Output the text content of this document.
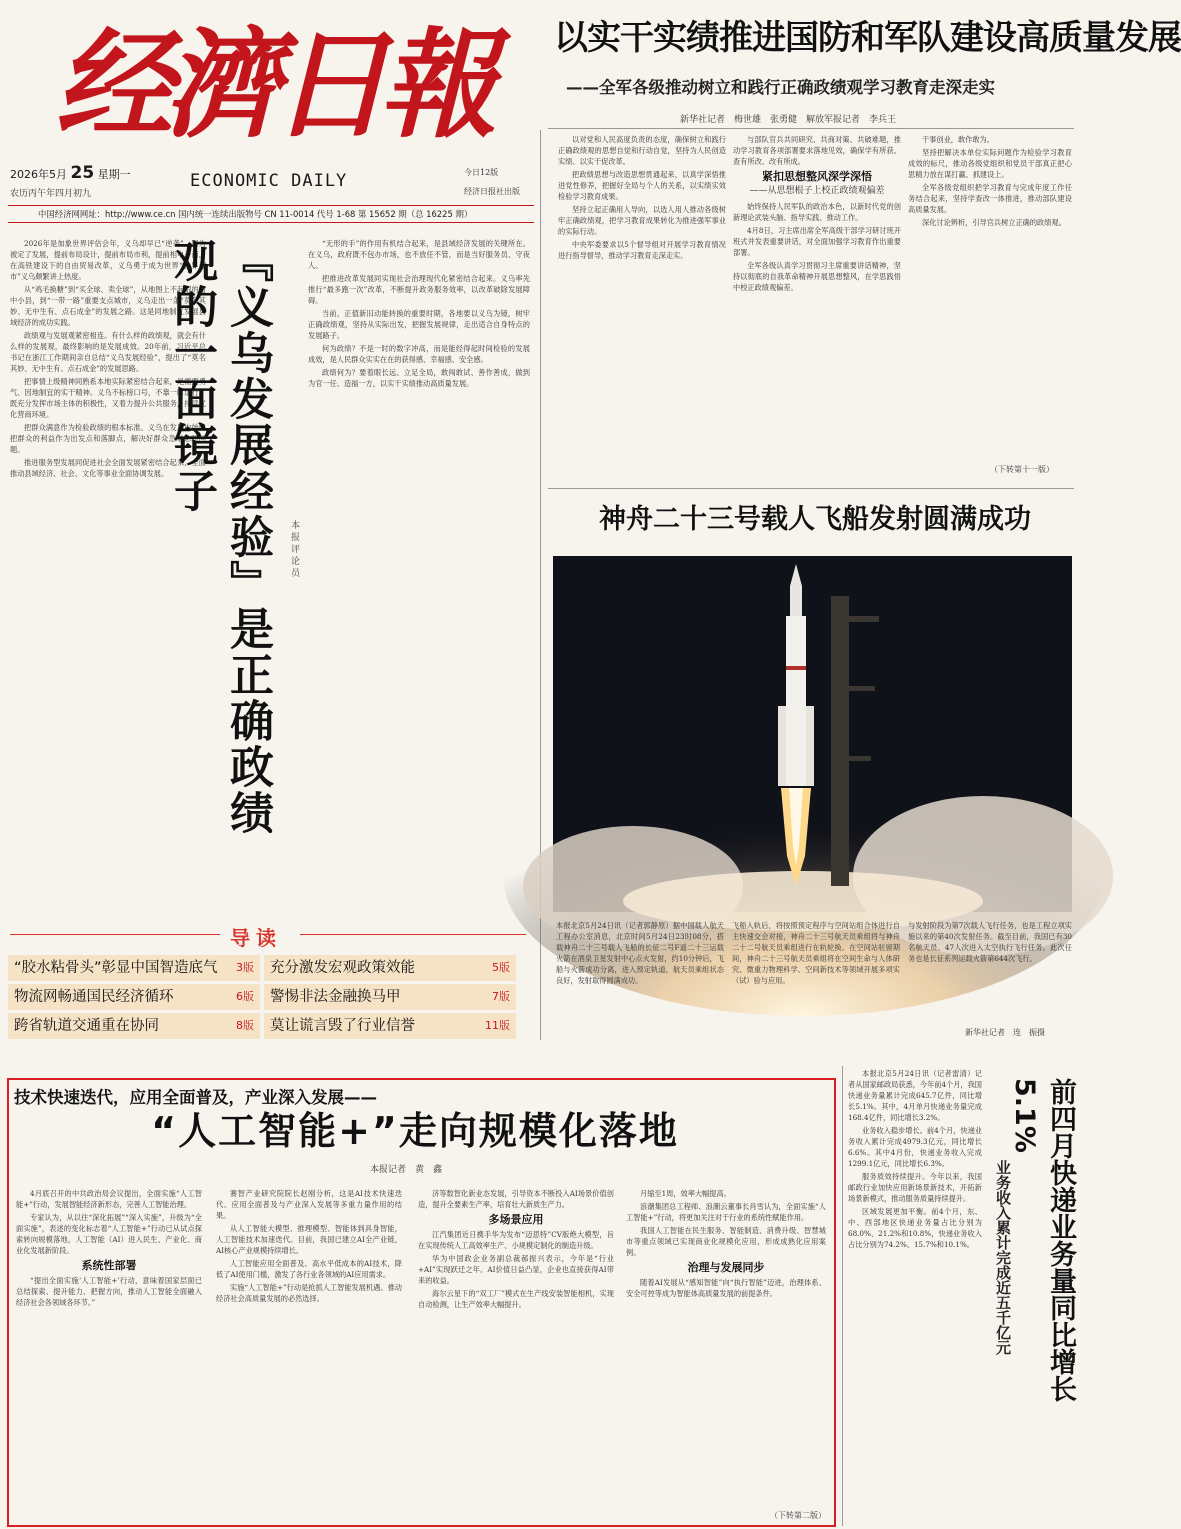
经濟日報
2026年5月 25 星期一
农历丙午年四月初九
ECONOMIC DAILY	今日12版
经济日报社出版
中国经济网网址：http://www.ce.cn 国内统一连续出版物号 CN 11-0014 代号 1-68 第 15652 期（总 16225 期）
以实干实绩推进国防和军队建设高质量发展
——全军各级推动树立和践行正确政绩观学习教育走深走实
新华社记者　梅世雄　张勇健　解放军报记者　李兵王

以对党和人民高度负责的态度，确保树立和践行正确政绩观的思想自觉和行动自觉，坚持为人民创造实绩、以实干促改革。

把政绩思想与改造思想贯通起来，以真学深悟推进党性修养，把握好全局与个人的关系，以实绩实效检验学习教育成果。

坚持立起正确用人导向，以选人用人推动各级树牢正确政绩观，把学习教育成果转化为推进强军事业的实际行动。

中央军委要求以5个督导组对开展学习教育情况进行指导督导，推动学习教育走深走实。

与部队官兵共同研究、共商对策、共破难题，推动学习教育各项部署要求落地见效，确保学有所获、查有所改、改有所成。

紧扣思想整风深学深悟
——从思想根子上校正政绩观偏差

始终保持人民军队的政治本色，以新时代党的创新理论武装头脑、指导实践、推动工作。

4月8日，习主席出席全军高级干部学习研讨班开班式并发表重要讲话，对全面加强学习教育作出重要部署。

全军各级认真学习贯彻习主席重要讲话精神，坚持以彻底的自我革命精神开展思想整风，在学思践悟中校正政绩观偏差。

干事创业，敢作敢为。

坚持把解决本单位实际问题作为检验学习教育成效的标尺，推动各级党组织和党员干部真正把心思精力放在谋打赢、抓建设上。

全军各级党组织把学习教育与完成年度工作任务结合起来，坚持学查改一体推进，推动部队建设高质量发展。

深化讨论辨析，引导官兵树立正确的政绩观。

（下转第十一版）

2026年是加象世界评估会年，义乌却早已“逆袭”。因为被定了发展，提前布局设计，提前布局市利，提前相电子商，在高铁建设下的自由贸易改革，义乌勇于成为世界“世界超市”义乌颇繁讲上热度。

从“鸡毛换糖”到“买全球、卖全球”，从地图上不起眼的南中小县，到“一带一路”重要支点城市，义乌走出一条“莫名其妙、无中生有、点石成金”的发展之路。这是同地制宜发展县域经济的成功实践。

政绩观与发展观紧密相连。有什么样的政绩观，就会有什么样的发展观，最终影响的是发展成效。20年前，习近平总书记在浙江工作期间亲自总结“义乌发展经验”，提出了“莫名其妙、无中生有、点石成金”的发展思路。

把事情上级精神同熟系本地实际紧密结合起来，是需要勇气、因地制宜的实干精神。义乌不标榜口号，不靠一时运行，既充分发挥市场主体的积极性，又着力提升公共服务，持续优化营商环境。

把群众满意作为检验政绩的根本标准。义乌在发展中始终把群众的利益作为出发点和落脚点，解决好群众急难愁盼问题。

推进服务型发展同促进社会全面发展紧密结合起来，全面推动县域经济、社会、文化等事业全面协调发展。	『义乌发展经验』是正确政绩观的一面镜子
本报评论员

“无形的手”的作用有机结合起来，是县域经济发展的关键所在。在义乌，政府既不包办市场，也不放任不管，而是当好服务员、守夜人。

把推进改革发展同实现社会治理现代化紧密结合起来。义乌率先推行“最多跑一次”改革，不断提升政务服务效率，以改革破除发展障碍。

当前，正值新旧动能转换的重要时期，各地要以义乌为镜，树牢正确政绩观，坚持从实际出发，把握发展规律，走出适合自身特点的发展路子。

何为政绩？不是一时的数字冲高，而是能经得起时间检验的发展成效，是人民群众实实在在的获得感、幸福感、安全感。

政绩何为？要着眼长远、立足全局，敢闯敢试、善作善成，做到为官一任、造福一方，以实干实绩推动高质量发展。

导读
“胶水粘骨头”彰显中国智造底气 3版	充分激发宏观政策效能	5版
物流网畅通国民经济循环	6版	警惕非法金融换马甲	7版
跨省轨道交通重在协同	8版	莫让谎言毁了行业信誉	11版
神舟二十三号载人飞船发射圆满成功
本报北京5月24日讯（记者郭静原）据中国载人航天工程办公室消息，北京时间5月24日23时08分，搭载神舟二十三号载人飞船的长征二号F遥二十三运载火箭在酒泉卫星发射中心点火发射，约10分钟后，飞船与火箭成功分离，进入预定轨道，航天员乘组状态良好，发射取得圆满成功。
飞船入轨后，将按照预定程序与空间站组合体进行自主快速交会对接，神舟二十三号航天员乘组将与神舟二十二号航天员乘组进行在轨轮换。在空间站驻留期间，神舟二十三号航天员乘组将在空间生命与人体研究、微重力物理科学、空间新技术等领域开展多项实（试）验与应用。
与发射阶段为第7次载人飞行任务，也是工程立项实施以来的第40次发射任务。截至目前，我国已有30名航天员、47人次进入太空执行飞行任务。此次任务也是长征系列运载火箭第644次飞行。
新华社记者　连　振摄
技术快速迭代，应用全面普及，产业深入发展——
“人工智能+”走向规模化落地
本报记者　黄　鑫

4月底召开的中共政治局会议提出，全面实施“人工智能+”行动，发展智能经济新形态，完善人工智能治理。

专家认为，从以往“深化拓展”“深入实施”，升级为“全面实施”，表述的变化标志着“人工智能+”行动已从试点探索转向规模落地，人工智能（AI）进入民生、产业化、商业化发展新阶段。

系统性部署

“提出全面实施‘人工智能+’行动，意味着国家层面已总结探索、提升能力、把握方向，推动人工智能全面融入经济社会各领域各环节。”

赛智产业研究院院长赵刚分析，这是AI技术快速迭代、应用全面普及与产业深入发展等多重力量作用的结果。

从人工智能大模型、推理模型、智能体到具身智能，人工智能技术加速迭代。目前，我国已建立AI全产业链，AI核心产业规模持续增长。

人工智能应用全面普及。高水平低成本的AI技术，降低了AI使用门槛，激发了各行业各领域的AI应用需求。

实施“人工智能+”行动是抢抓人工智能发展机遇、推动经济社会高质量发展的必然选择。

济等数智化新业态发展，引导资本不断投入AI场景价值创造，提升全要素生产率，培育壮大新质生产力。

多场景应用

江汽集团近日携手华为发布“迈思特”CV版绝大模型，旨在实现传统人工高效率生产、小规模定制化的制造升级。

华为中国政企业务副总裁郝振兴表示，今年是“行业+AI”实现跃迁之年。AI价值日益凸显，企业也直接获得AI带来的收益。

海尔云星下的“双工厂”模式在生产线安装智能相机，实现自动检测，让生产效率大幅提升。

月缩至1周，效率大幅提高。

浪潮集团总工程师、浪潮云董事长肖雪认为，全面实施“人工智能+”行动，将更加关注对于行业的系统性赋能作用。

我国人工智能在民生服务、智能制造、消费升级、智慧城市等重点领域已实现商业化规模化应用，形成成熟化应用案例。

治理与发展同步

随着AI发展从“感知智能”向“执行智能”迈进，治理体系、安全可控等成为智能体高质量发展的前提条件。

（下转第二版）

本报北京5月24日讯（记者雷清）记者从国家邮政局获悉，今年前4个月，我国快递业务量累计完成645.7亿件，同比增长5.1%。其中，4月单月快递业务量完成168.4亿件，同比增长3.2%。

业务收入稳步增长。前4个月，快递业务收入累计完成4979.3亿元，同比增长6.6%。其中4月份，快递业务收入完成1299.1亿元，同比增长6.3%。

服务质效持续提升。今年以来，我国邮政行业加快应用新场景新技术，开拓新场景新模式，推动服务质量持续提升。

区域发展更加平衡。前4个月，东、中、西部地区快递业务量占比分别为68.0%、21.2%和10.8%，快递业务收入占比分别为74.2%、15.7%和10.1%。	前四月快递业务量同比增长5.1%
业务收入累计完成近五千亿元
